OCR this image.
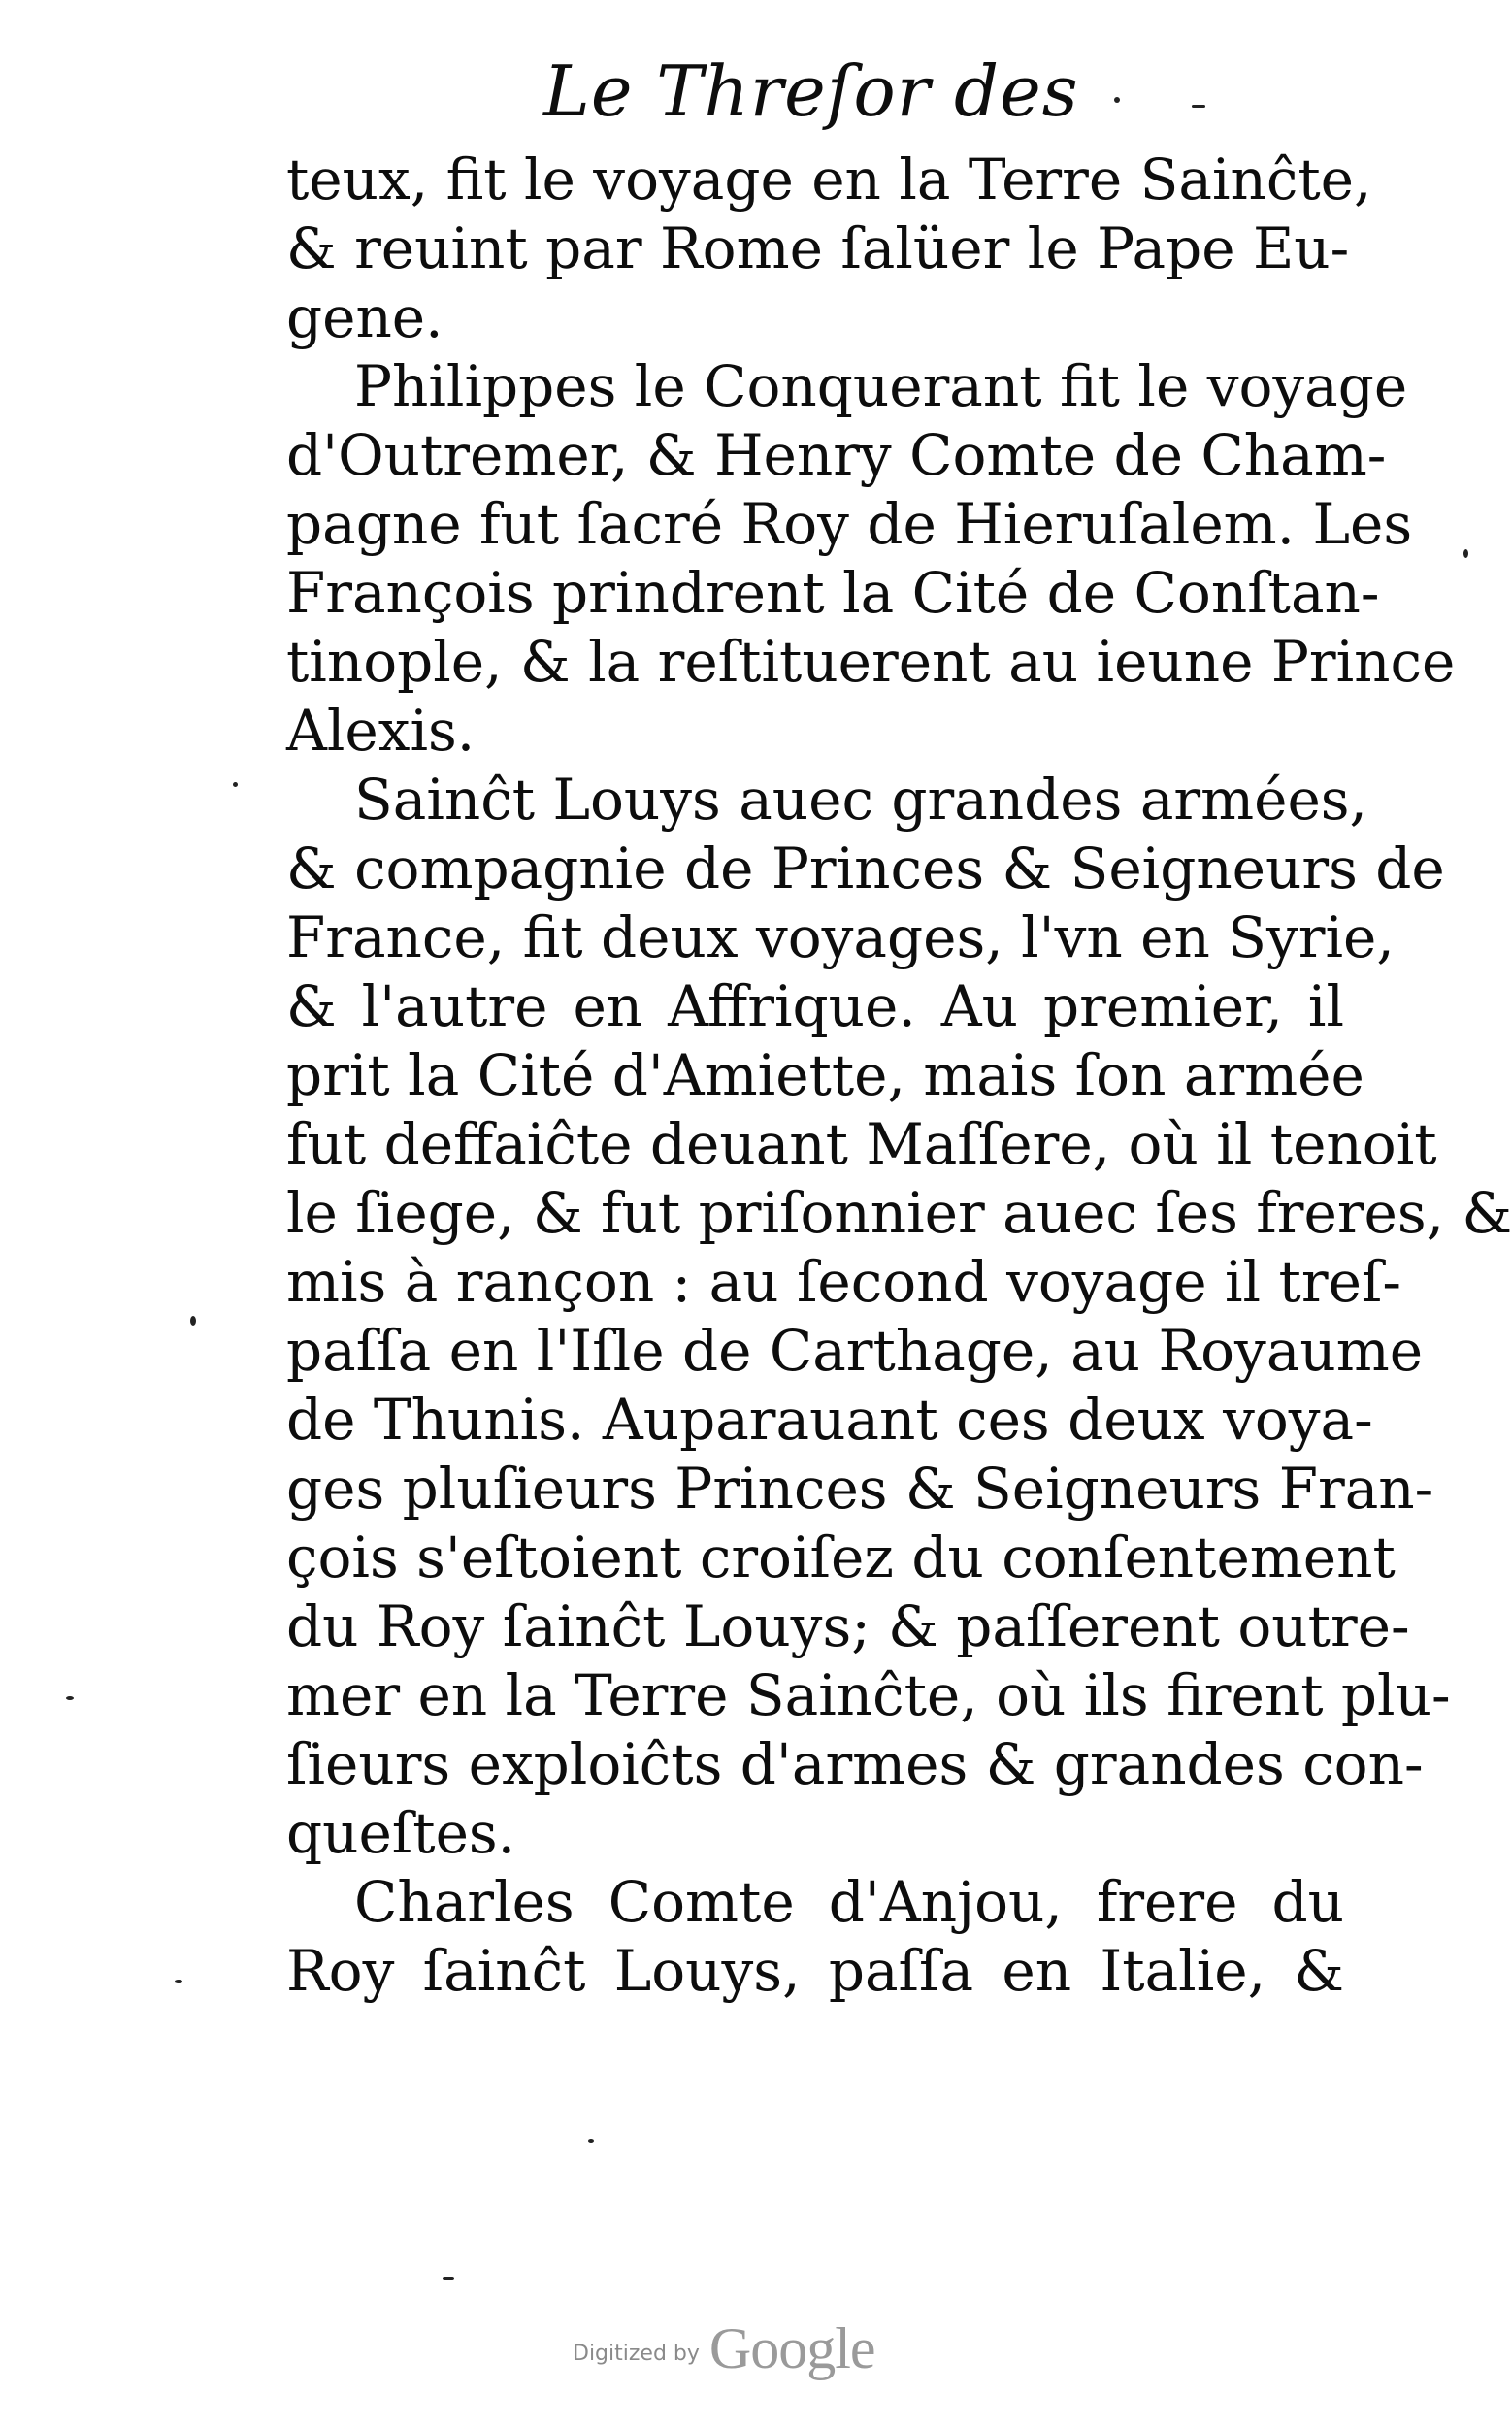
Le Threſor des
teux, fit le voyage en la Terre Sainĉte,
& reuint par Rome ſalüer le Pape Eu-
gene.
Philippes le Conquerant fit le voyage
d'Outremer, & Henry Comte de Cham-
pagne fut ſacré Roy de Hieruſalem. Les
François prindrent la Cité de Conſtan-
tinople, & la reſtituerent au ieune Prince
Alexis.
Sainĉt Louys auec grandes armées,
& compagnie de Princes & Seigneurs de
France, fit deux voyages, l'vn en Syrie,
& l'autre en Affrique. Au premier, il
prit la Cité d'Amiette, mais ſon armée
fut deffaiĉte deuant Maſſere, où il tenoit
le ſiege, & fut priſonnier auec ſes freres, &
mis à rançon : au ſecond voyage il treſ-
paſſa en l'Iſle de Carthage, au Royaume
de Thunis. Auparauant ces deux voya-
ges pluſieurs Princes & Seigneurs Fran-
çois s'eſtoient croiſez du conſentement
du Roy ſainĉt Louys; & paſſerent outre-
mer en la Terre Sainĉte, où ils firent plu-
ſieurs exploiĉts d'armes & grandes con-
queſtes.
Charles Comte d'Anjou, frere du
Roy ſainĉt Louys, paſſa en Italie, &
Digitized by Google
